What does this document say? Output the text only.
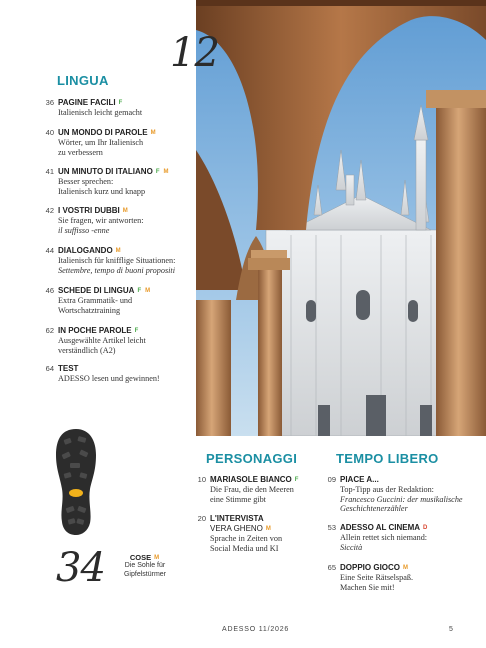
12
LINGUA
36 PAGINE FACILI F
Italienisch leicht gemacht
40 UN MONDO DI PAROLE M
Wörter, um Ihr Italienisch
zu verbessern
41 UN MINUTO DI ITALIANO F M
Besser sprechen:
Italienisch kurz und knapp
42 I VOSTRI DUBBI M
Sie fragen, wir antworten:
il suffisso -enne
44 DIALOGANDO M
Italienisch für knifflige Situationen:
Settembre, tempo di buoni propositi
46 SCHEDE DI LINGUA F M
Extra Grammatik- und
Wortschatztraining
62 IN POCHE PAROLE F
Ausgewählte Artikel leicht
verständlich (A2)
64 TEST
ADESSO lesen und gewinnen!
34	COSE M
Die Sohle für
Gipfelstürmer
PERSONAGGI
10 MARIASOLE BIANCO F
Die Frau, die den Meeren
eine Stimme gibt
20 L'INTERVISTA
VERA GHENO M
Sprache in Zeiten von
Social Media und KI
TEMPO LIBERO
09 PIACE A...
Top-Tipp aus der Redaktion:
Francesco Guccini: der musikalische
Geschichtenerzähler
53 ADESSO AL CINEMA D
Allein rettet sich niemand:
Siccità
65 DOPPIO GIOCO M
Eine Seite Rätselspaß.
Machen Sie mit!
ADESSO 11/2026	5
